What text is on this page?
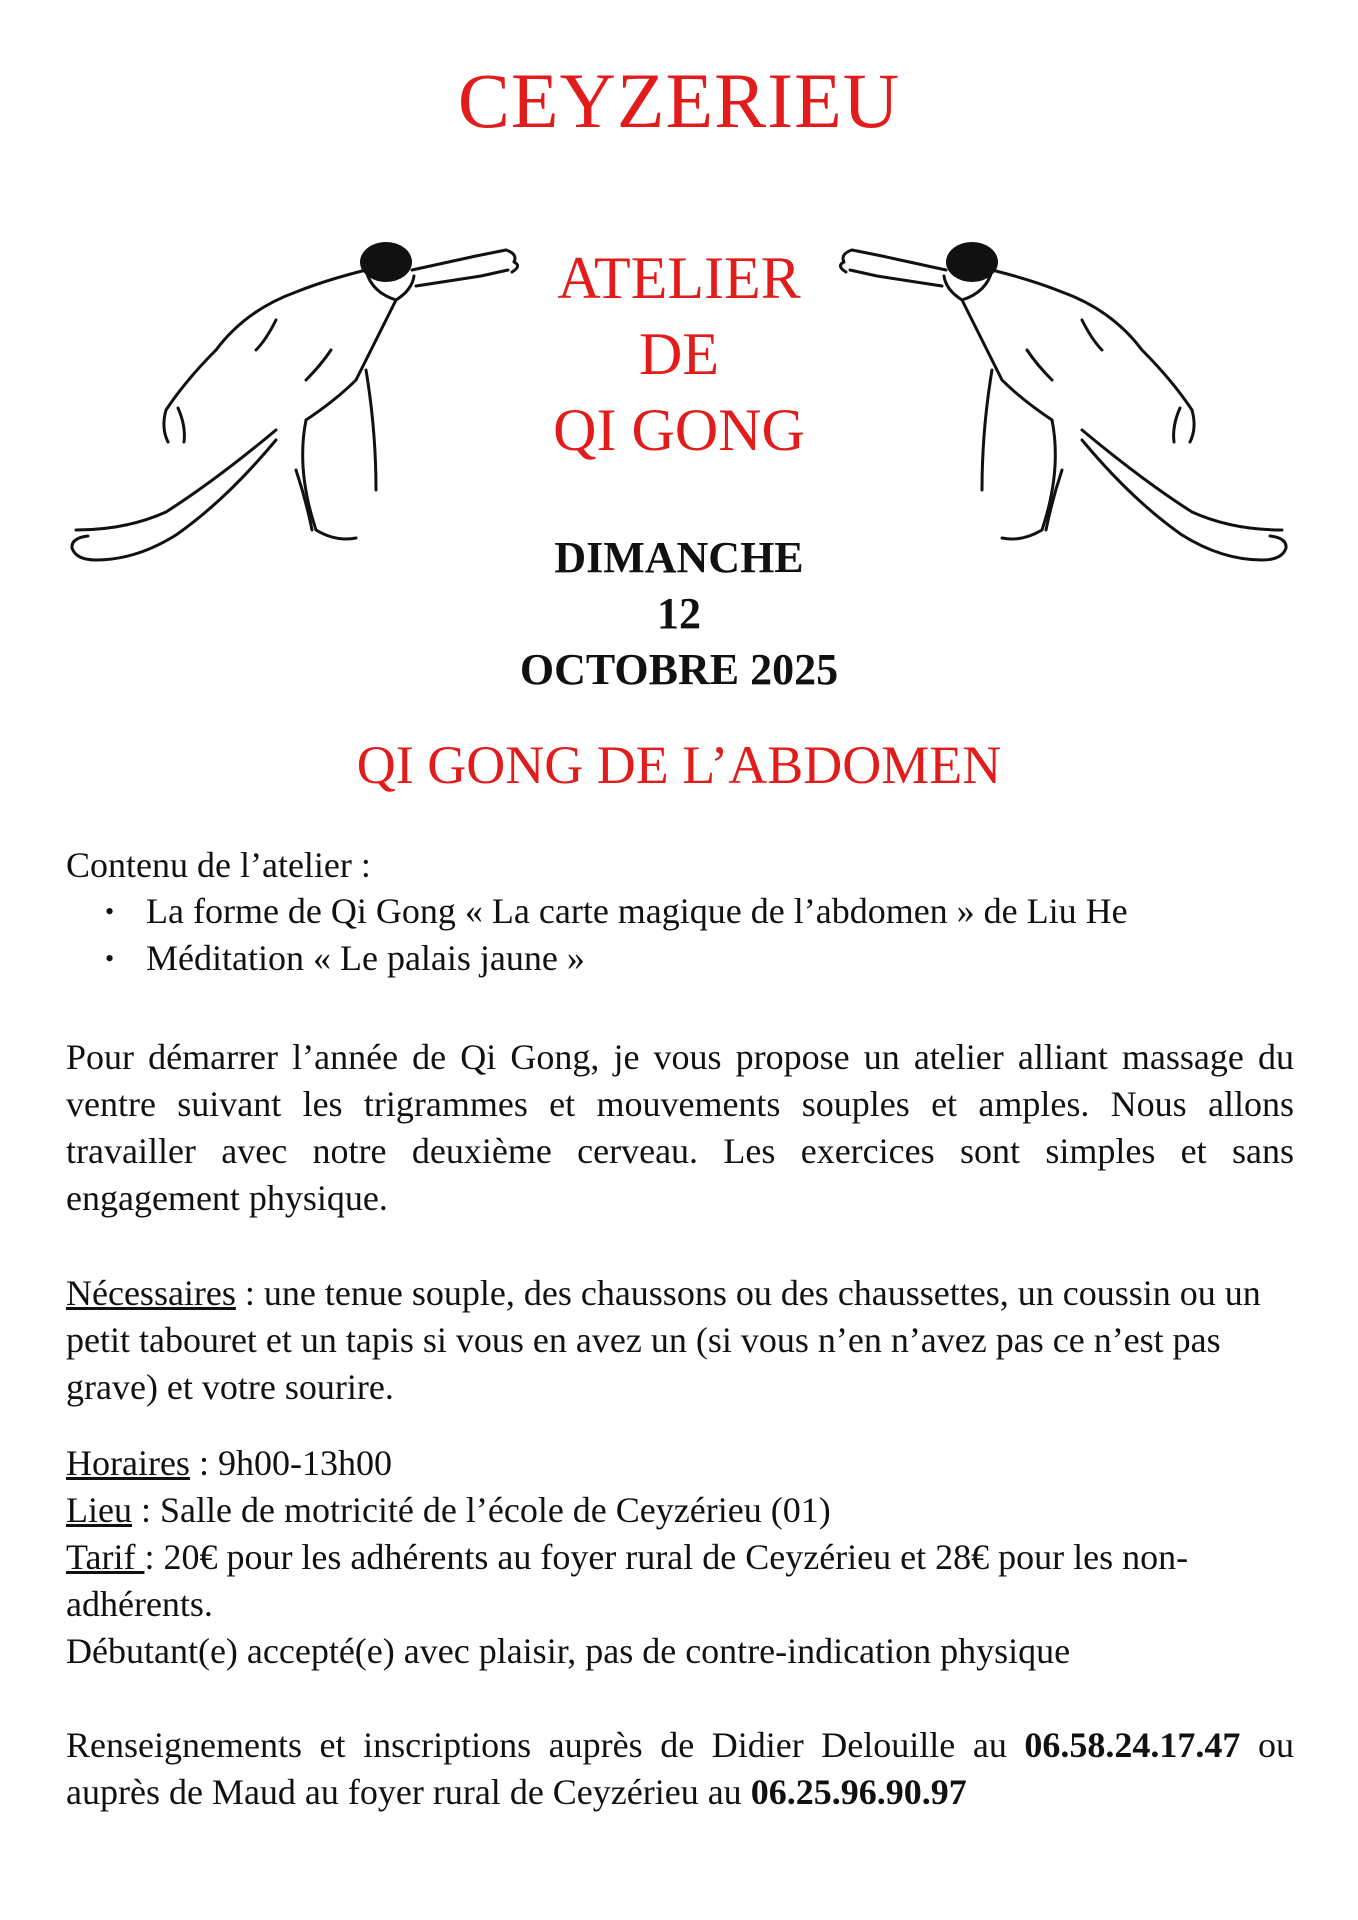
CEYZERIEU
ATELIER
DE
QI GONG
DIMANCHE
12
OCTOBRE 2025
QI GONG DE L’ABDOMEN
Contenu de l’atelier :
• La forme de Qi Gong « La carte magique de l’abdomen » de Liu He
• Méditation « Le palais jaune »
Pour démarrer l’année de Qi Gong, je vous propose un atelier alliant massage du ventre suivant les trigrammes et mouvements souples et amples. Nous allons travailler avec notre deuxième cerveau. Les exercices sont simples et sans engagement physique.
Nécessaires : une tenue souple, des chaussons ou des chaussettes, un coussin ou un petit tabouret et un tapis si vous en avez un (si vous n’en n’avez pas ce n’est pas grave) et votre sourire.
Horaires : 9h00-13h00
Lieu : Salle de motricité de l’école de Ceyzérieu (01)
Tarif : 20€ pour les adhérents au foyer rural de Ceyzérieu et 28€ pour les non-adhérents.
Débutant(e) accepté(e) avec plaisir, pas de contre-indication physique
Renseignements et inscriptions auprès de Didier Delouille au 06.58.24.17.47 ou auprès de Maud au foyer rural de Ceyzérieu au 06.25.96.90.97
